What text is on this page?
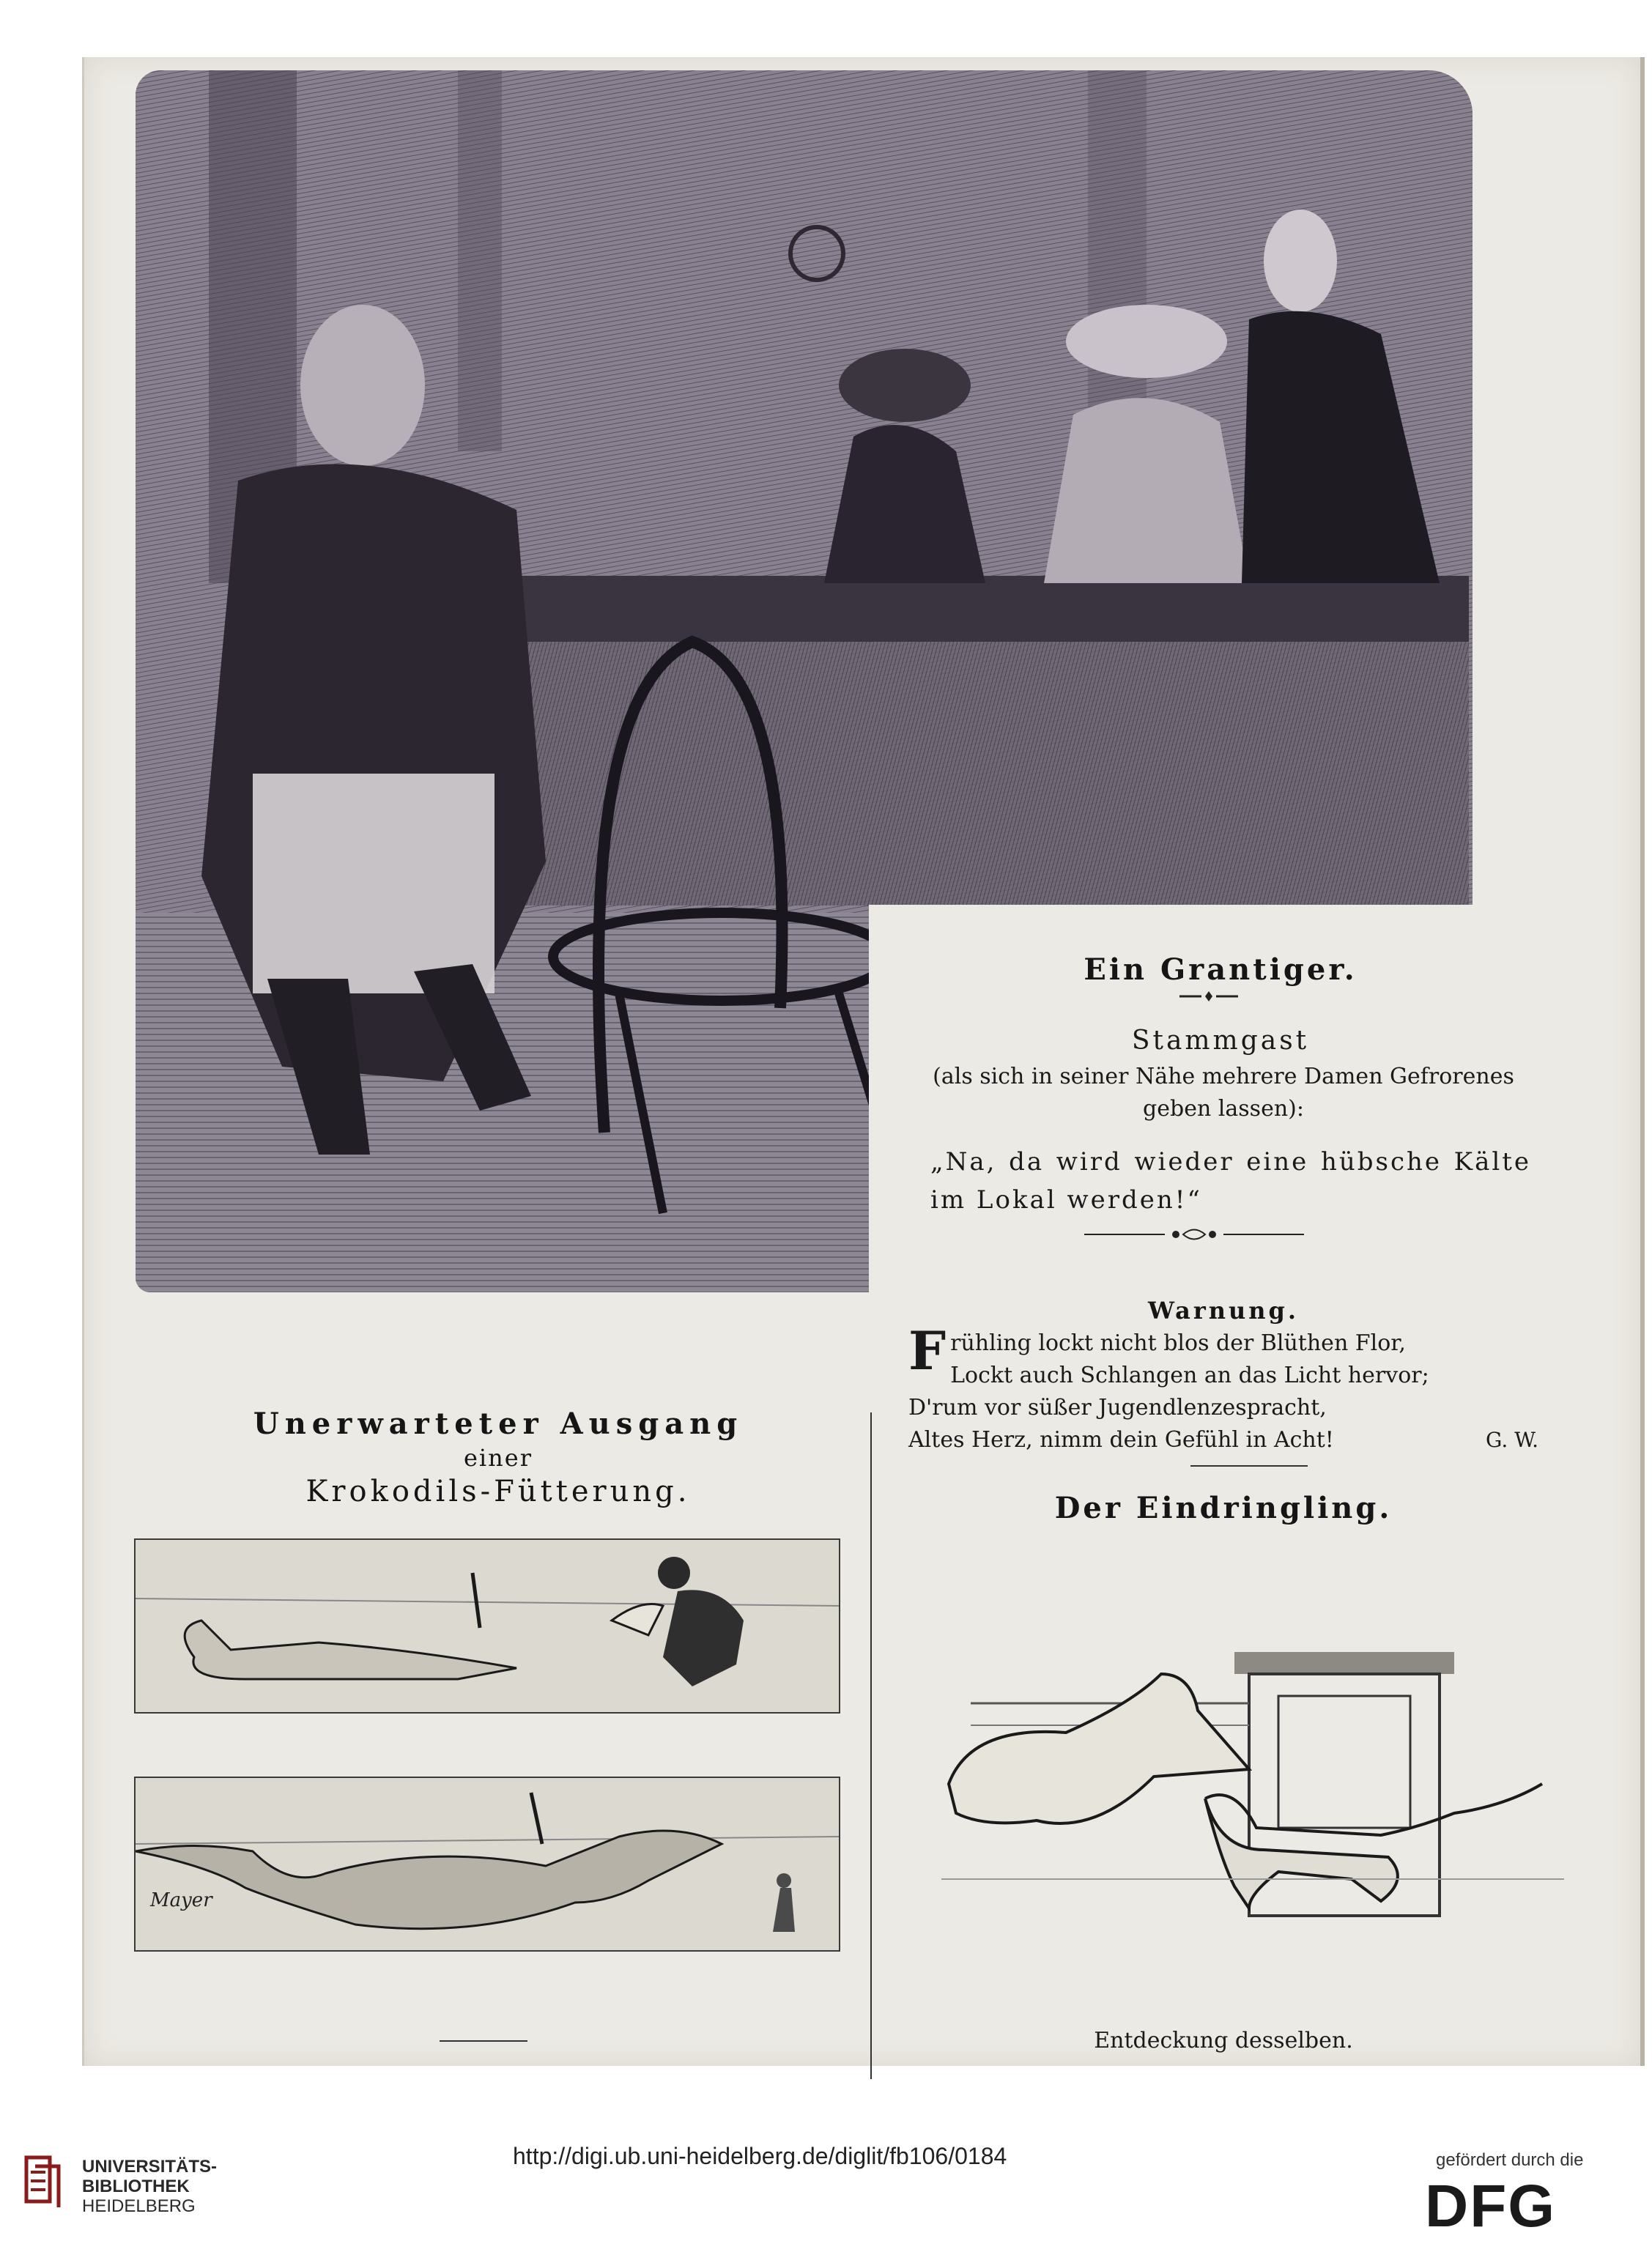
Ein Grantiger.
Stammgast
(als sich in seiner Nähe mehrere Damen Gefrorenes geben lassen):
„Na, da wird wieder eine hübsche Kälte im Lokal werden!“
Warnung.
F rühling lockt nicht blos der Blüthen Flor,
Lockt auch Schlangen an das Licht hervor;
D'rum vor süßer Jugendlenzespracht,
Altes Herz, nimm dein Gefühl in Acht!	G. W.
Der Eindringling.
Entdeckung desselben.
Unerwarteter Ausgang
einer
Krokodils-Fütterung.
Mayer
UNIVERSITÄTS-
BIBLIOTHEK
HEIDELBERG
http://digi.ub.uni-heidelberg.de/diglit/fb106/0184	gefördert durch die
DFG
